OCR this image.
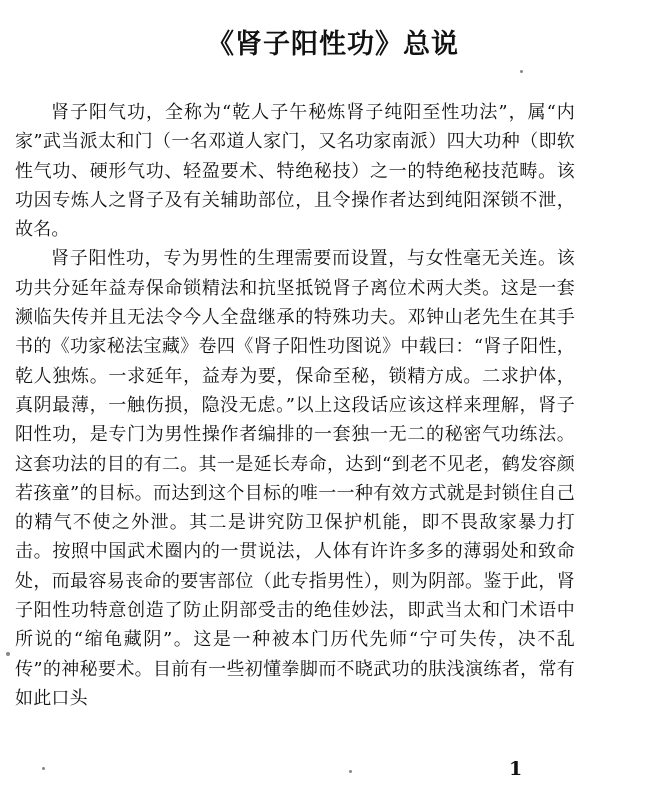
《肾子阳性功》总说

肾子阳气功，全称为“乾人子午秘炼肾子纯阳至性功法”，属“内家”武当派太和门（一名邓道人家门，又名功家南派）四大功种（即软性气功、硬形气功、轻盈要术、特绝秘技）之一的特绝秘技范畴。该功因专炼人之肾子及有关辅助部位，且令操作者达到纯阳深锁不泄，故名。

肾子阳性功，专为男性的生理需要而设置，与女性毫无关连。该功共分延年益寿保命锁精法和抗坚抵锐肾子离位术两大类。这是一套濒临失传并且无法令今人全盘继承的特殊功夫。邓钟山老先生在其手书的《功家秘法宝藏》卷四《肾子阳性功图说》中载曰：“肾子阳性，乾人独炼。一求延年，益寿为要，保命至秘，锁精方成。二求护体，真阴最薄，一触伤损，隐没无虑。”以上这段话应该这样来理解，肾子阳性功，是专门为男性操作者编排的一套独一无二的秘密气功练法。这套功法的目的有二。其一是延长寿命，达到“到老不见老，鹤发容颜若孩童”的目标。而达到这个目标的唯一一种有效方式就是封锁住自己的精气不使之外泄。其二是讲究防卫保护机能，即不畏敌家暴力打击。按照中国武术圈内的一贯说法，人体有许许多多的薄弱处和致命处，而最容易丧命的要害部位（此专指男性），则为阴部。鉴于此，肾子阳性功特意创造了防止阴部受击的绝佳妙法，即武当太和门术语中所说的“缩龟藏阴”。这是一种被本门历代先师“宁可失传，决不乱传”的神秘要术。目前有一些初懂拳脚而不晓武功的肤浅演练者，常有如此口头

1
